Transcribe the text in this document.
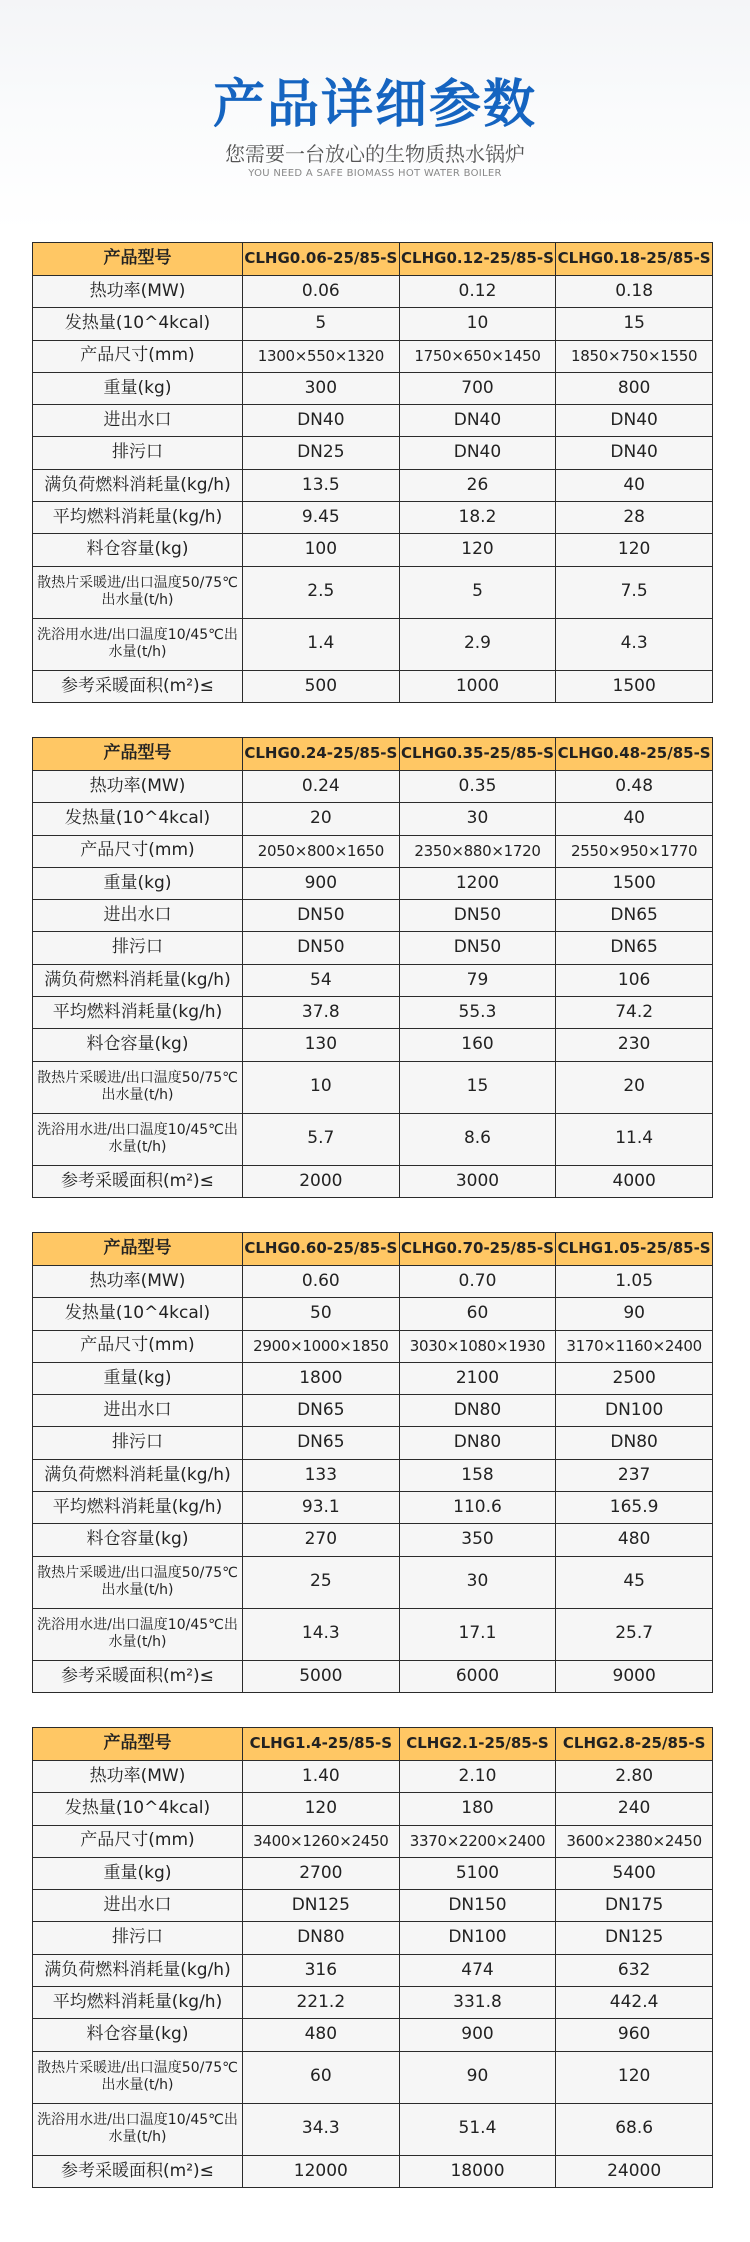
产品详细参数
您需要一台放心的生物质热水锅炉
YOU NEED A SAFE BIOMASS HOT WATER BOILER
产品型号	CLHG0.06-25/85-S	CLHG0.12-25/85-S	CLHG0.18-25/85-S
热功率(MW)	0.06	0.12	0.18
发热量(10^4kcal)	5	10	15
产品尺寸(mm)	1300×550×1320	1750×650×1450	1850×750×1550
重量(kg)	300	700	800
进出水口	DN40	DN40	DN40
排污口	DN25	DN40	DN40
满负荷燃料消耗量(kg/h)	13.5	26	40
平均燃料消耗量(kg/h)	9.45	18.2	28
料仓容量(kg)	100	120	120
散热片采暖进/出口温度50/75℃出水量(t/h)	2.5	5	7.5
洗浴用水进/出口温度10/45℃出水量(t/h)	1.4	2.9	4.3
参考采暖面积(m²)≤	500	1000	1500
产品型号	CLHG0.24-25/85-S	CLHG0.35-25/85-S	CLHG0.48-25/85-S
热功率(MW)	0.24	0.35	0.48
发热量(10^4kcal)	20	30	40
产品尺寸(mm)	2050×800×1650	2350×880×1720	2550×950×1770
重量(kg)	900	1200	1500
进出水口	DN50	DN50	DN65
排污口	DN50	DN50	DN65
满负荷燃料消耗量(kg/h)	54	79	106
平均燃料消耗量(kg/h)	37.8	55.3	74.2
料仓容量(kg)	130	160	230
散热片采暖进/出口温度50/75℃出水量(t/h)	10	15	20
洗浴用水进/出口温度10/45℃出水量(t/h)	5.7	8.6	11.4
参考采暖面积(m²)≤	2000	3000	4000
产品型号	CLHG0.60-25/85-S	CLHG0.70-25/85-S	CLHG1.05-25/85-S
热功率(MW)	0.60	0.70	1.05
发热量(10^4kcal)	50	60	90
产品尺寸(mm)	2900×1000×1850	3030×1080×1930	3170×1160×2400
重量(kg)	1800	2100	2500
进出水口	DN65	DN80	DN100
排污口	DN65	DN80	DN80
满负荷燃料消耗量(kg/h)	133	158	237
平均燃料消耗量(kg/h)	93.1	110.6	165.9
料仓容量(kg)	270	350	480
散热片采暖进/出口温度50/75℃出水量(t/h)	25	30	45
洗浴用水进/出口温度10/45℃出水量(t/h)	14.3	17.1	25.7
参考采暖面积(m²)≤	5000	6000	9000
产品型号	CLHG1.4-25/85-S	CLHG2.1-25/85-S	CLHG2.8-25/85-S
热功率(MW)	1.40	2.10	2.80
发热量(10^4kcal)	120	180	240
产品尺寸(mm)	3400×1260×2450	3370×2200×2400	3600×2380×2450
重量(kg)	2700	5100	5400
进出水口	DN125	DN150	DN175
排污口	DN80	DN100	DN125
满负荷燃料消耗量(kg/h)	316	474	632
平均燃料消耗量(kg/h)	221.2	331.8	442.4
料仓容量(kg)	480	900	960
散热片采暖进/出口温度50/75℃出水量(t/h)	60	90	120
洗浴用水进/出口温度10/45℃出水量(t/h)	34.3	51.4	68.6
参考采暖面积(m²)≤	12000	18000	24000
